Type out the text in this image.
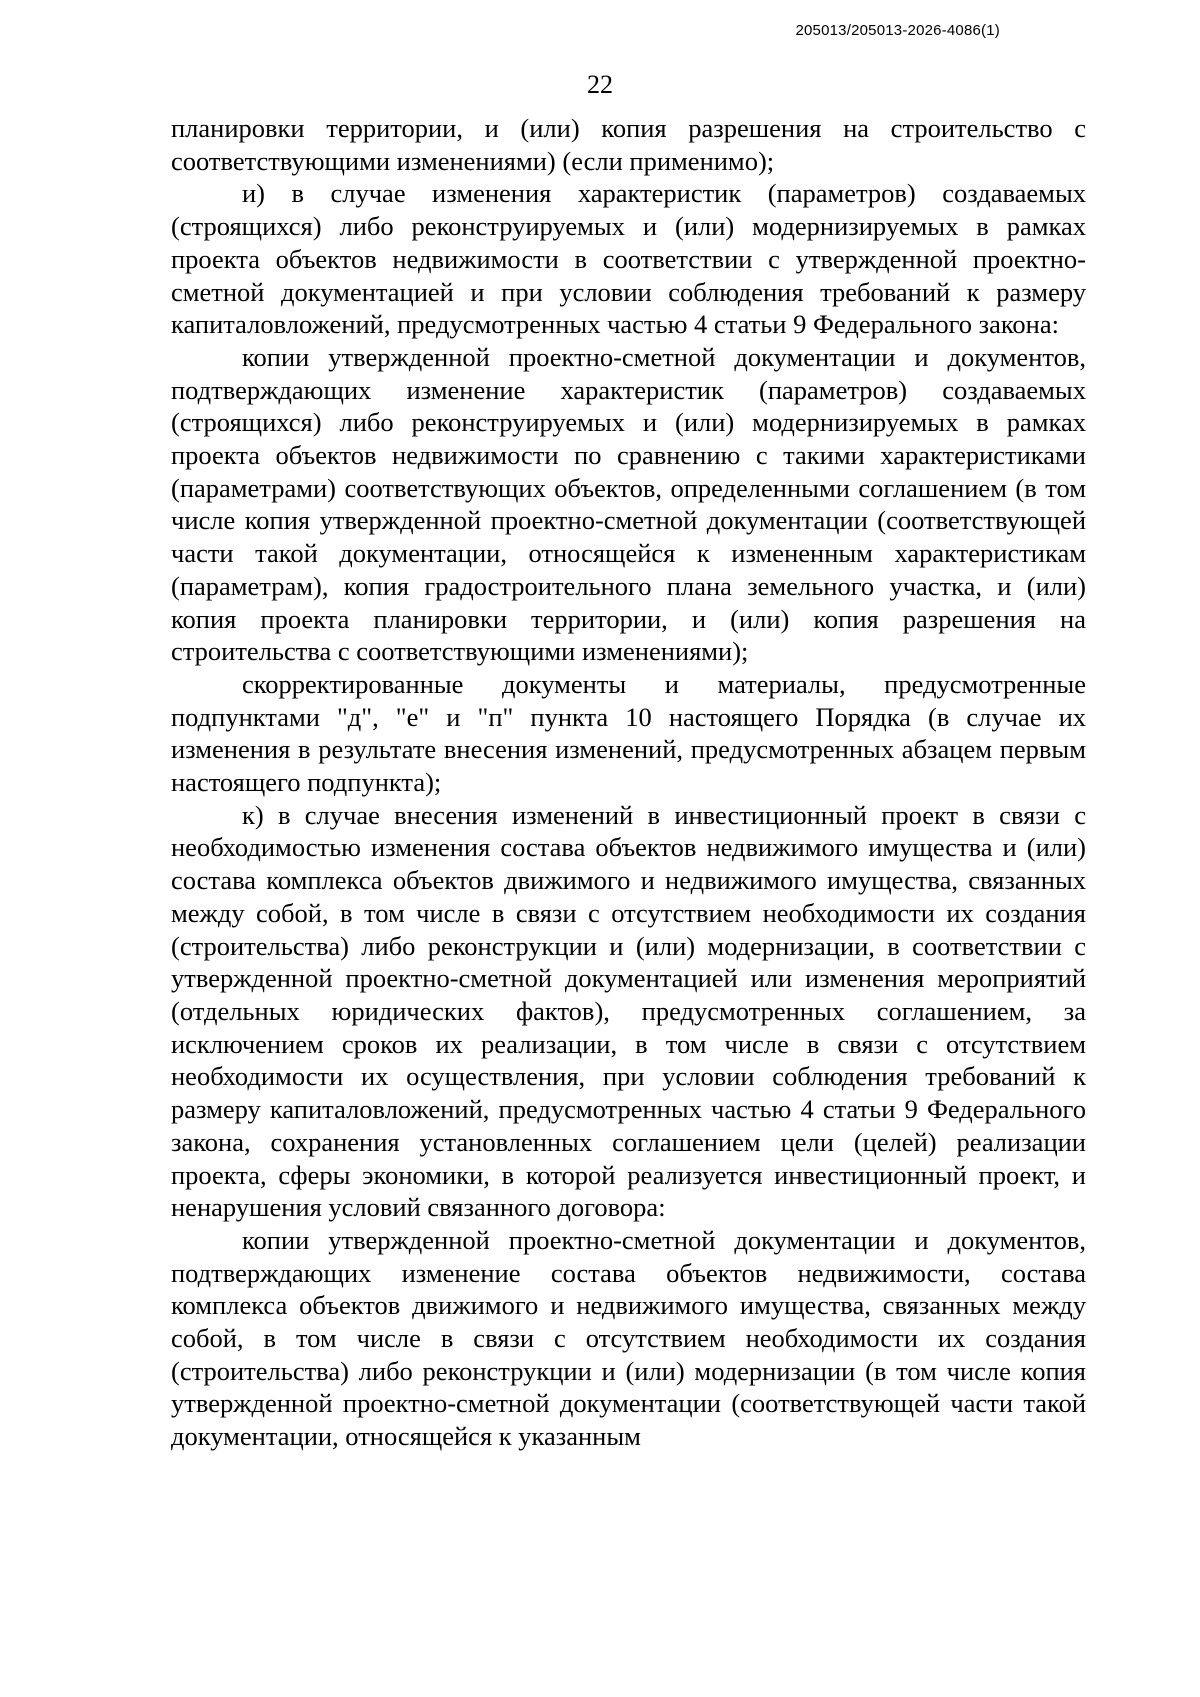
205013/205013-2026-4086(1)
22

планировки территории, и (или) копия разрешения на строительство с соответствующими изменениями) (если применимо);

и) в случае изменения характеристик (параметров) создаваемых (строящихся) либо реконструируемых и (или) модернизируемых в рамках проекта объектов недвижимости в соответствии с утвержденной проектно-сметной документацией и при условии соблюдения требований к размеру капиталовложений, предусмотренных частью 4 статьи 9 Федерального закона:

копии утвержденной проектно-сметной документации и документов, подтверждающих изменение характеристик (параметров) создаваемых (строящихся) либо реконструируемых и (или) модернизируемых в рамках проекта объектов недвижимости по сравнению с такими характеристиками (параметрами) соответствующих объектов, определенными соглашением (в том числе копия утвержденной проектно-сметной документации (соответствующей части такой документации, относящейся к измененным характеристикам (параметрам), копия градостроительного плана земельного участка, и (или) копия проекта планировки территории, и (или) копия разрешения на строительства с соответствующими изменениями);

скорректированные документы и материалы, предусмотренные подпунктами "д", "е" и "п" пункта 10 настоящего Порядка (в случае их изменения в результате внесения изменений, предусмотренных абзацем первым настоящего подпункта);

к) в случае внесения изменений в инвестиционный проект в связи с необходимостью изменения состава объектов недвижимого имущества и (или) состава комплекса объектов движимого и недвижимого имущества, связанных между собой, в том числе в связи с отсутствием необходимости их создания (строительства) либо реконструкции и (или) модернизации, в соответствии с утвержденной проектно-сметной документацией или изменения мероприятий (отдельных юридических фактов), предусмотренных соглашением, за исключением сроков их реализации, в том числе в связи с отсутствием необходимости их осуществления, при условии соблюдения требований к размеру капиталовложений, предусмотренных частью 4 статьи 9 Федерального закона, сохранения установленных соглашением цели (целей) реализации проекта, сферы экономики, в которой реализуется инвестиционный проект, и ненарушения условий связанного договора:

копии утвержденной проектно-сметной документации и документов, подтверждающих изменение состава объектов недвижимости, состава комплекса объектов движимого и недвижимого имущества, связанных между собой, в том числе в связи с отсутствием необходимости их создания (строительства) либо реконструкции и (или) модернизации (в том числе копия утвержденной проектно-сметной документации (соответствующей части такой документации, относящейся к указанным
